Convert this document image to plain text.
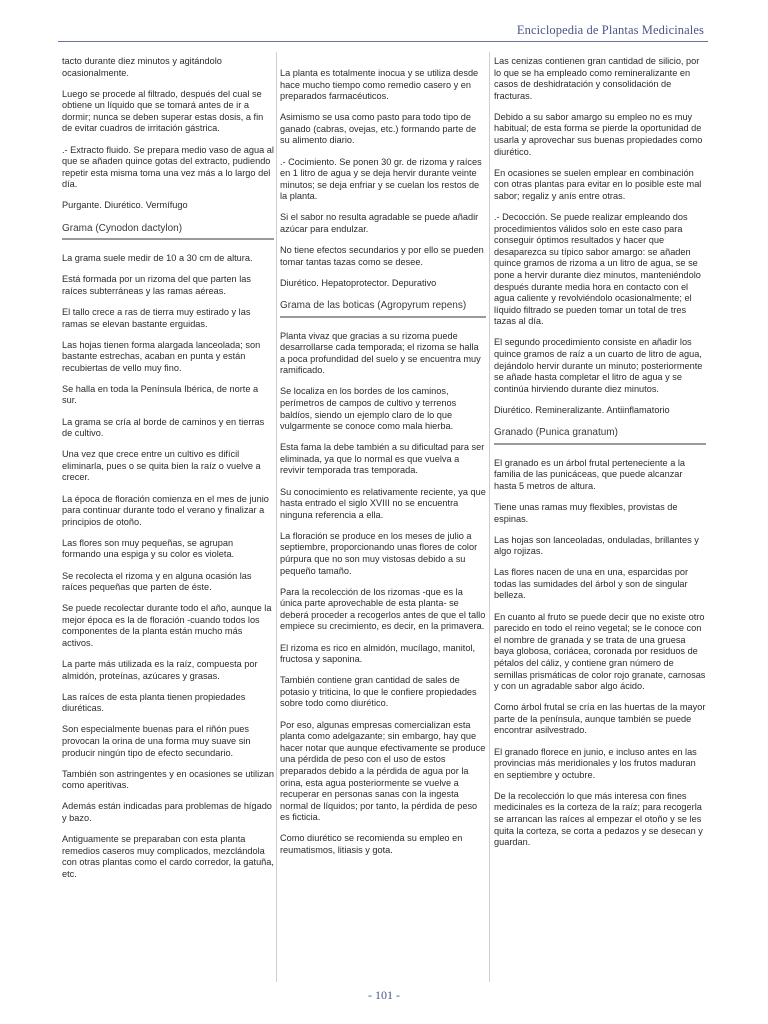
Enciclopedia de Plantas Medicinales
tacto durante diez minutos y agitándolo ocasionalmente.
Luego se procede al filtrado, después del cual se obtiene un líquido que se tomará antes de ir a dormir; nunca se deben superar estas dosis, a fin de evitar cuadros de irritación gástrica.
.- Extracto fluido. Se prepara medio vaso de agua al que se añaden quince gotas del extracto, pudiendo repetir esta misma toma una vez más a lo largo del día.
Purgante. Diurético. Vermífugo
Grama (Cynodon dactylon)
La grama suele medir de 10 a 30 cm de altura.
Está formada por un rizoma del que parten las raíces subterráneas y las ramas aéreas.
El tallo crece a ras de tierra muy estirado y las ramas se elevan bastante erguidas.
Las hojas tienen forma alargada lanceolada; son bastante estrechas, acaban en punta y están recubiertas de vello muy fino.
Se halla en toda la Península Ibérica, de norte a sur.
La grama se cría al borde de caminos y en tierras de cultivo.
Una vez que crece entre un cultivo es difícil eliminarla, pues o se quita bien la raíz o vuelve a crecer.
La época de floración comienza en el mes de junio para continuar durante todo el verano y finalizar a principios de otoño.
Las flores son muy pequeñas, se agrupan formando una espiga y su color es violeta.
Se recolecta el rizoma y en alguna ocasión las raíces pequeñas que parten de éste.
Se puede recolectar durante todo el año, aunque la mejor época es la de floración -cuando todos los componentes de la planta están mucho más activos.
La parte más utilizada es la raíz, compuesta por almidón, proteínas, azúcares y grasas.
Las raíces de esta planta tienen propiedades diuréticas.
Son especialmente buenas para el riñón pues provocan la orina de una forma muy suave sin producir ningún tipo de efecto secundario.
También son astringentes y en ocasiones se utilizan como aperitivas.
Además están indicadas para problemas de hígado y bazo.
Antiguamente se preparaban con esta planta remedios caseros muy complicados, mezclándola con otras plantas como el cardo corredor, la gatuña, etc.
La planta es totalmente inocua y se utiliza desde hace mucho tiempo como remedio casero y en preparados farmacéuticos.
Asimismo se usa como pasto para todo tipo de ganado (cabras, ovejas, etc.) formando parte de su alimento diario.
.- Cocimiento. Se ponen 30 gr. de rizoma y raíces en 1 litro de agua y se deja hervir durante veinte minutos; se deja enfriar y se cuelan los restos de la planta.
Si el sabor no resulta agradable se puede añadir azúcar para endulzar.
No tiene efectos secundarios y por ello se pueden tomar tantas tazas como se desee.
Diurético. Hepatoprotector. Depurativo
Grama de las boticas (Agropyrum repens)
Planta vivaz que gracias a su rizoma puede desarrollarse cada temporada; el rizoma se halla a poca profundidad del suelo y se encuentra muy ramificado.
Se localiza en los bordes de los caminos, perímetros de campos de cultivo y terrenos baldíos, siendo un ejemplo claro de lo que vulgarmente se conoce como mala hierba.
Esta fama la debe también a su dificultad para ser eliminada, ya que lo normal es que vuelva a revivir temporada tras temporada.
Su conocimiento es relativamente reciente, ya que hasta entrado el siglo XVIII no se encuentra ninguna referencia a ella.
La floración se produce en los meses de julio a septiembre, proporcionando unas flores de color púrpura que no son muy vistosas debido a su pequeño tamaño.
Para la recolección de los rizomas -que es la única parte aprovechable de esta planta- se deberá proceder a recogerlos antes de que el tallo empiece su crecimiento, es decir, en la primavera.
El rizoma es rico en almidón, mucílago, manitol, fructosa y saponina.
También contiene gran cantidad de sales de potasio y triticina, lo que le confiere propiedades sobre todo como diurético.
Por eso, algunas empresas comercializan esta planta como adelgazante; sin embargo, hay que hacer notar que aunque efectivamente se produce una pérdida de peso con el uso de estos preparados debido a la pérdida de agua por la orina, esta agua posteriormente se vuelve a recuperar en personas sanas con la ingesta normal de líquidos; por tanto, la pérdida de peso es ficticia.
Como diurético se recomienda su empleo en reumatismos, litiasis y gota.
Las cenizas contienen gran cantidad de silicio, por lo que se ha empleado como remineralizante en casos de deshidratación y consolidación de fracturas.
Debido a su sabor amargo su empleo no es muy habitual; de esta forma se pierde la oportunidad de usarla y aprovechar sus buenas propiedades como diurético.
En ocasiones se suelen emplear en combinación con otras plantas para evitar en lo posible este mal sabor; regaliz y anís entre otras.
.- Decocción. Se puede realizar empleando dos procedimientos válidos solo en este caso para conseguir óptimos resultados y hacer que desaparezca su típico sabor amargo: se añaden quince gramos de rizoma a un litro de agua, se se pone a hervir durante diez minutos, manteniéndolo después durante media hora en contacto con el agua caliente y revolviéndolo ocasionalmente; el líquido filtrado se pueden tomar un total de tres tazas al día.
El segundo procedimiento consiste en añadir los quince gramos de raíz a un cuarto de litro de agua, dejándolo hervir durante un minuto; posteriormente se añade hasta completar el litro de agua y se continúa hirviendo durante diez minutos.
Diurético. Remineralizante. Antiinflamatorio
Granado (Punica granatum)
El granado es un árbol frutal perteneciente a la familia de las punicáceas, que puede alcanzar hasta 5 metros de altura.
Tiene unas ramas muy flexibles, provistas de espinas.
Las hojas son lanceoladas, onduladas, brillantes y algo rojizas.
Las flores nacen de una en una, esparcidas por todas las sumidades del árbol y son de singular belleza.
En cuanto al fruto se puede decir que no existe otro parecido en todo el reino vegetal; se le conoce con el nombre de granada y se trata de una gruesa baya globosa, coriácea, coronada por residuos de pétalos del cáliz, y contiene gran número de semillas prismáticas de color rojo granate, carnosas y con un agradable sabor algo ácido.
Como árbol frutal se cría en las huertas de la mayor parte de la península, aunque también se puede encontrar asilvestrado.
El granado florece en junio, e incluso antes en las provincias más meridionales y los frutos maduran en septiembre y octubre.
De la recolección lo que más interesa con fines medicinales es la corteza de la raíz; para recogerla se arrancan las raíces al empezar el otoño y se les quita la corteza, se corta a pedazos y se desecan y guardan.
- 101 -
